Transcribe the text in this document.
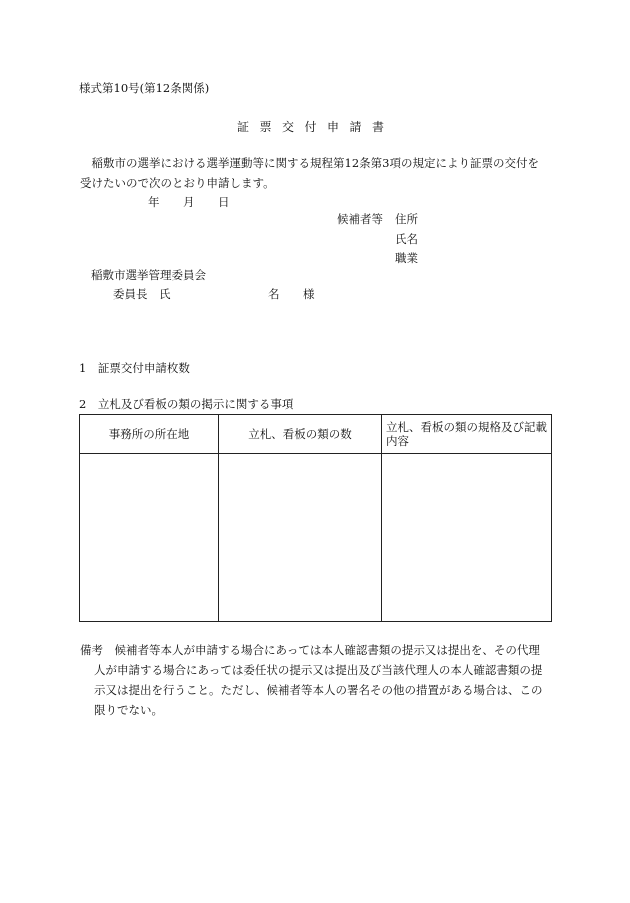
様式第10号(第12条関係)
証票交付申請書
　稲敷市の選挙における選挙運動等に関する規程第12条第3項の規定により証票の交付を
受けたいので次のとおり申請します。
年　月　日
候補者等 住所
氏名
職業
稲敷市選挙管理委員会
委員長　氏	名　様
1　証票交付申請枚数
2　立札及び看板の類の掲示に関する事項
事務所の所在地	立札、看板の類の数	立札、看板の類の規格及び記載内容

備考　候補者等本人が申請する場合にあっては本人確認書類の提示又は提出を、その代理
人が申請する場合にあっては委任状の提示又は提出及び当該代理人の本人確認書類の提
示又は提出を行うこと。ただし、候補者等本人の署名その他の措置がある場合は、この
限りでない。
